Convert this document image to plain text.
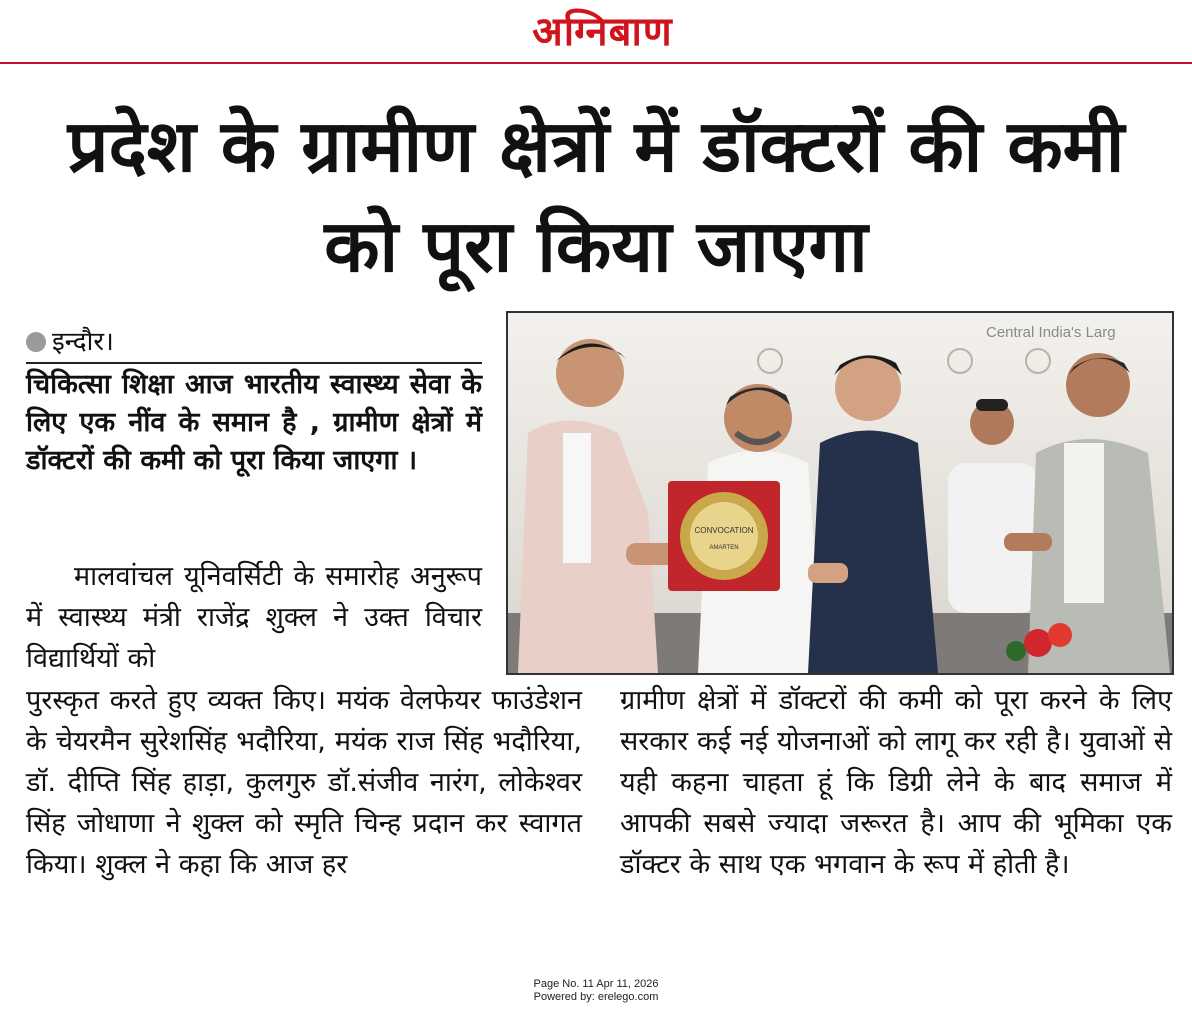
अग्निबाण
प्रदेश के ग्रामीण क्षेत्रों में डॉक्टरों की कमी को पूरा किया जाएगा
इन्दौर।

चिकित्सा शिक्षा आज भारतीय स्वास्थ्य सेवा के लिए एक नींव के समान है , ग्रामीण क्षेत्रों में डॉक्टरों की कमी को पूरा किया जाएगा ।

मालवांचल यूनिवर्सिटी के समारोह अनुरूप में स्वास्थ्य मंत्री राजेंद्र शुक्ल ने उक्त विचार विद्यार्थियों को

पुरस्कृत करते हुए व्यक्त किए। मयंक वेलफेयर फाउंडेशन के चेयरमैन सुरेशसिंह भदौरिया, मयंक राज सिंह भदौरिया, डॉ. दीप्ति सिंह हाड़ा, कुलगुरु डॉ.संजीव नारंग, लोकेश्वर सिंह जोधाणा ने शुक्ल को स्मृति चिन्ह प्रदान कर स्वागत किया। शुक्ल ने कहा कि आज हर

ग्रामीण क्षेत्रों में डॉक्टरों की कमी को पूरा करने के लिए सरकार कई नई योजनाओं को लागू कर रही है। युवाओं से यही कहना चाहता हूं कि डिग्री लेने के बाद समाज में आपकी सबसे ज्यादा जरूरत है। आप की भूमिका एक डॉक्टर के साथ एक भगवान के रूप में होती है।

Central India's Larg
CONVOCATION
AMARTEN
Page No. 11 Apr 11, 2026
Powered by: erelego.com
